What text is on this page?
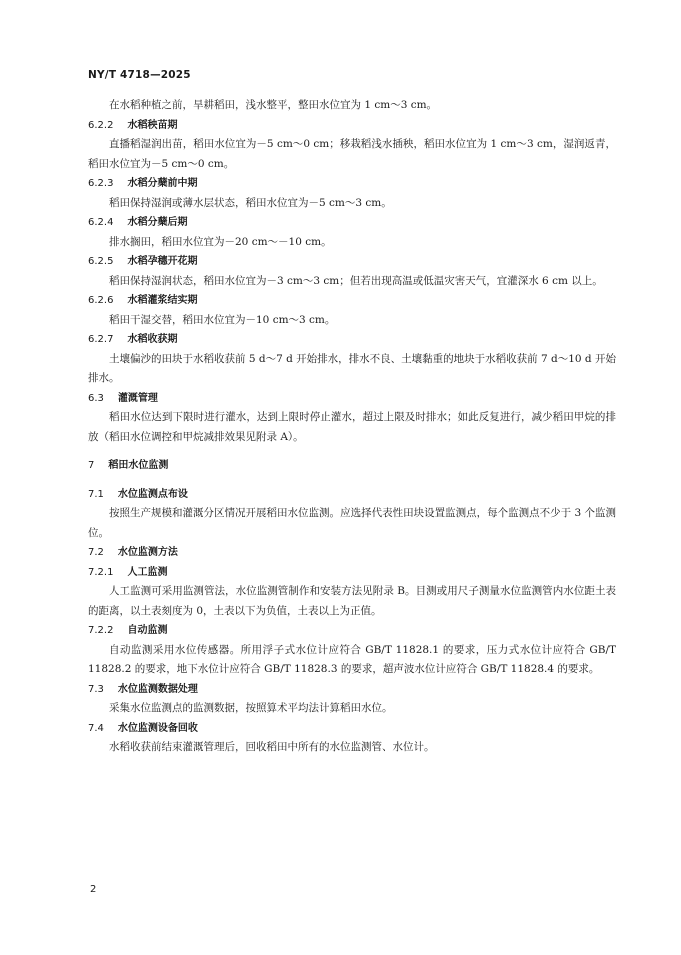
NY/T 4718—2025

在水稻种植之前，旱耕稻田，浅水整平，整田水位宜为 1 cm～3 cm。

6.2.2 水稻秧苗期

直播稻湿润出苗，稻田水位宜为－5 cm～0 cm；移栽稻浅水插秧，稻田水位宜为 1 cm～3 cm，湿润返青，稻田水位宜为－5 cm～0 cm。

6.2.3 水稻分蘖前中期

稻田保持湿润或薄水层状态，稻田水位宜为－5 cm～3 cm。

6.2.4 水稻分蘖后期

排水搁田，稻田水位宜为－20 cm～－10 cm。

6.2.5 水稻孕穗开花期

稻田保持湿润状态，稻田水位宜为－3 cm～3 cm；但若出现高温或低温灾害天气，宜灌深水 6 cm 以上。

6.2.6 水稻灌浆结实期

稻田干湿交替，稻田水位宜为－10 cm～3 cm。

6.2.7 水稻收获期

土壤偏沙的田块于水稻收获前 5 d～7 d 开始排水，排水不良、土壤黏重的地块于水稻收获前 7 d～10 d 开始排水。

6.3 灌溉管理

稻田水位达到下限时进行灌水，达到上限时停止灌水，超过上限及时排水；如此反复进行，减少稻田甲烷的排放（稻田水位调控和甲烷减排效果见附录 A）。

7 稻田水位监测
7.1 水位监测点布设

按照生产规模和灌溉分区情况开展稻田水位监测。应选择代表性田块设置监测点，每个监测点不少于 3 个监测位。

7.2 水位监测方法
7.2.1 人工监测

人工监测可采用监测管法，水位监测管制作和安装方法见附录 B。目测或用尺子测量水位监测管内水位距土表的距离，以土表刻度为 0，土表以下为负值，土表以上为正值。

7.2.2 自动监测

自动监测采用水位传感器。所用浮子式水位计应符合 GB/T 11828.1 的要求，压力式水位计应符合 GB/T 11828.2 的要求，地下水位计应符合 GB/T 11828.3 的要求，超声波水位计应符合 GB/T 11828.4 的要求。

7.3 水位监测数据处理

采集水位监测点的监测数据，按照算术平均法计算稻田水位。

7.4 水位监测设备回收

水稻收获前结束灌溉管理后，回收稻田中所有的水位监测管、水位计。

2
